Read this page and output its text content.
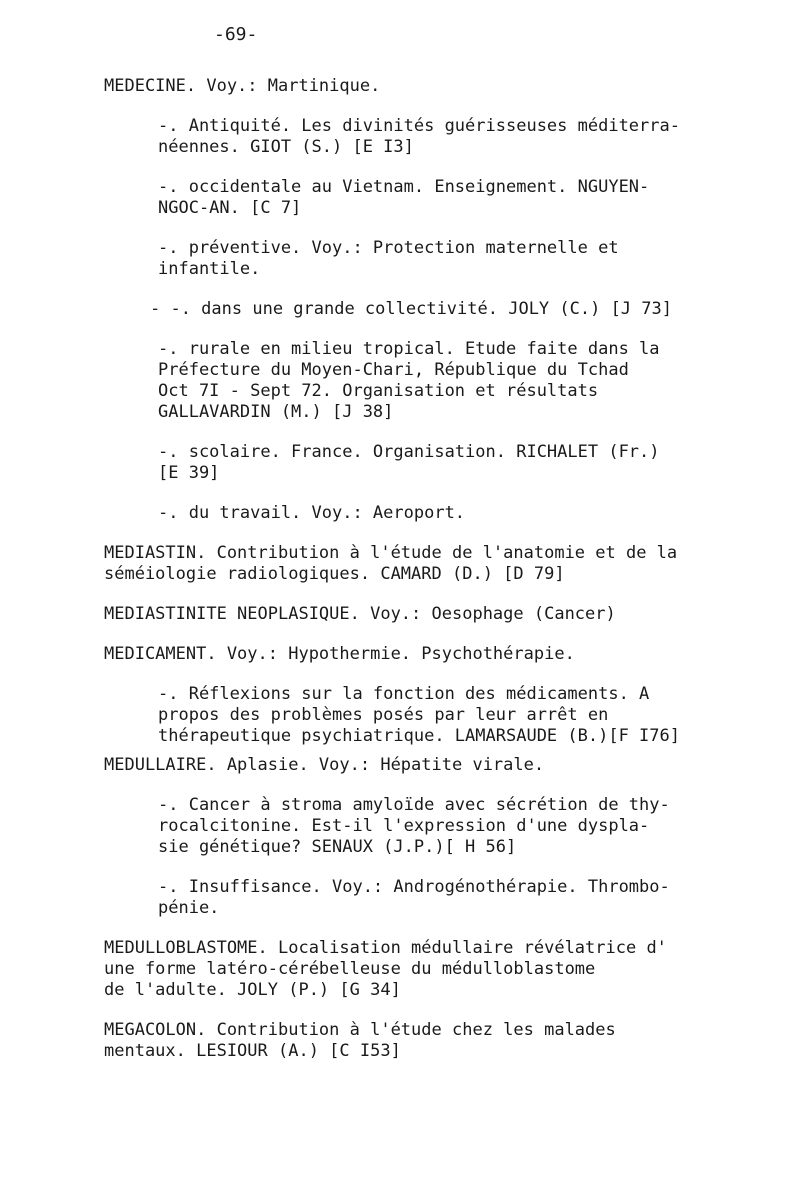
-69-
MEDECINE. Voy.: Martinique.
-. Antiquité. Les divinités guérisseuses méditerra-
néennes. GIOT (S.) [E I3]
-. occidentale au Vietnam. Enseignement. NGUYEN-
NGOC-AN. [C 7]
-. préventive. Voy.: Protection maternelle et
infantile.
- -. dans une grande collectivité. JOLY (C.) [J 73]
-. rurale en milieu tropical. Etude faite dans la
Préfecture du Moyen-Chari, République du Tchad
Oct 7I - Sept 72. Organisation et résultats
GALLAVARDIN (M.) [J 38]
-. scolaire. France. Organisation. RICHALET (Fr.)
[E 39]
-. du travail. Voy.: Aeroport.
MEDIASTIN. Contribution à l'étude de l'anatomie et de la
séméiologie radiologiques. CAMARD (D.) [D 79]
MEDIASTINITE NEOPLASIQUE. Voy.: Oesophage (Cancer)
MEDICAMENT. Voy.: Hypothermie. Psychothérapie.
-. Réflexions sur la fonction des médicaments. A
propos des problèmes posés par leur arrêt en
thérapeutique psychiatrique. LAMARSAUDE (B.)[F I76]
MEDULLAIRE. Aplasie. Voy.: Hépatite virale.
-. Cancer à stroma amyloïde avec sécrétion de thy-
rocalcitonine. Est-il l'expression d'une dyspla-
sie génétique? SENAUX (J.P.)[ H 56]
-. Insuffisance. Voy.: Androgénothérapie. Thrombo-
pénie.
MEDULLOBLASTOME. Localisation médullaire révélatrice d'
une forme latéro-cérébelleuse du médulloblastome
de l'adulte. JOLY (P.) [G 34]
MEGACOLON. Contribution à l'étude chez les malades
mentaux. LESIOUR (A.) [C I53]
